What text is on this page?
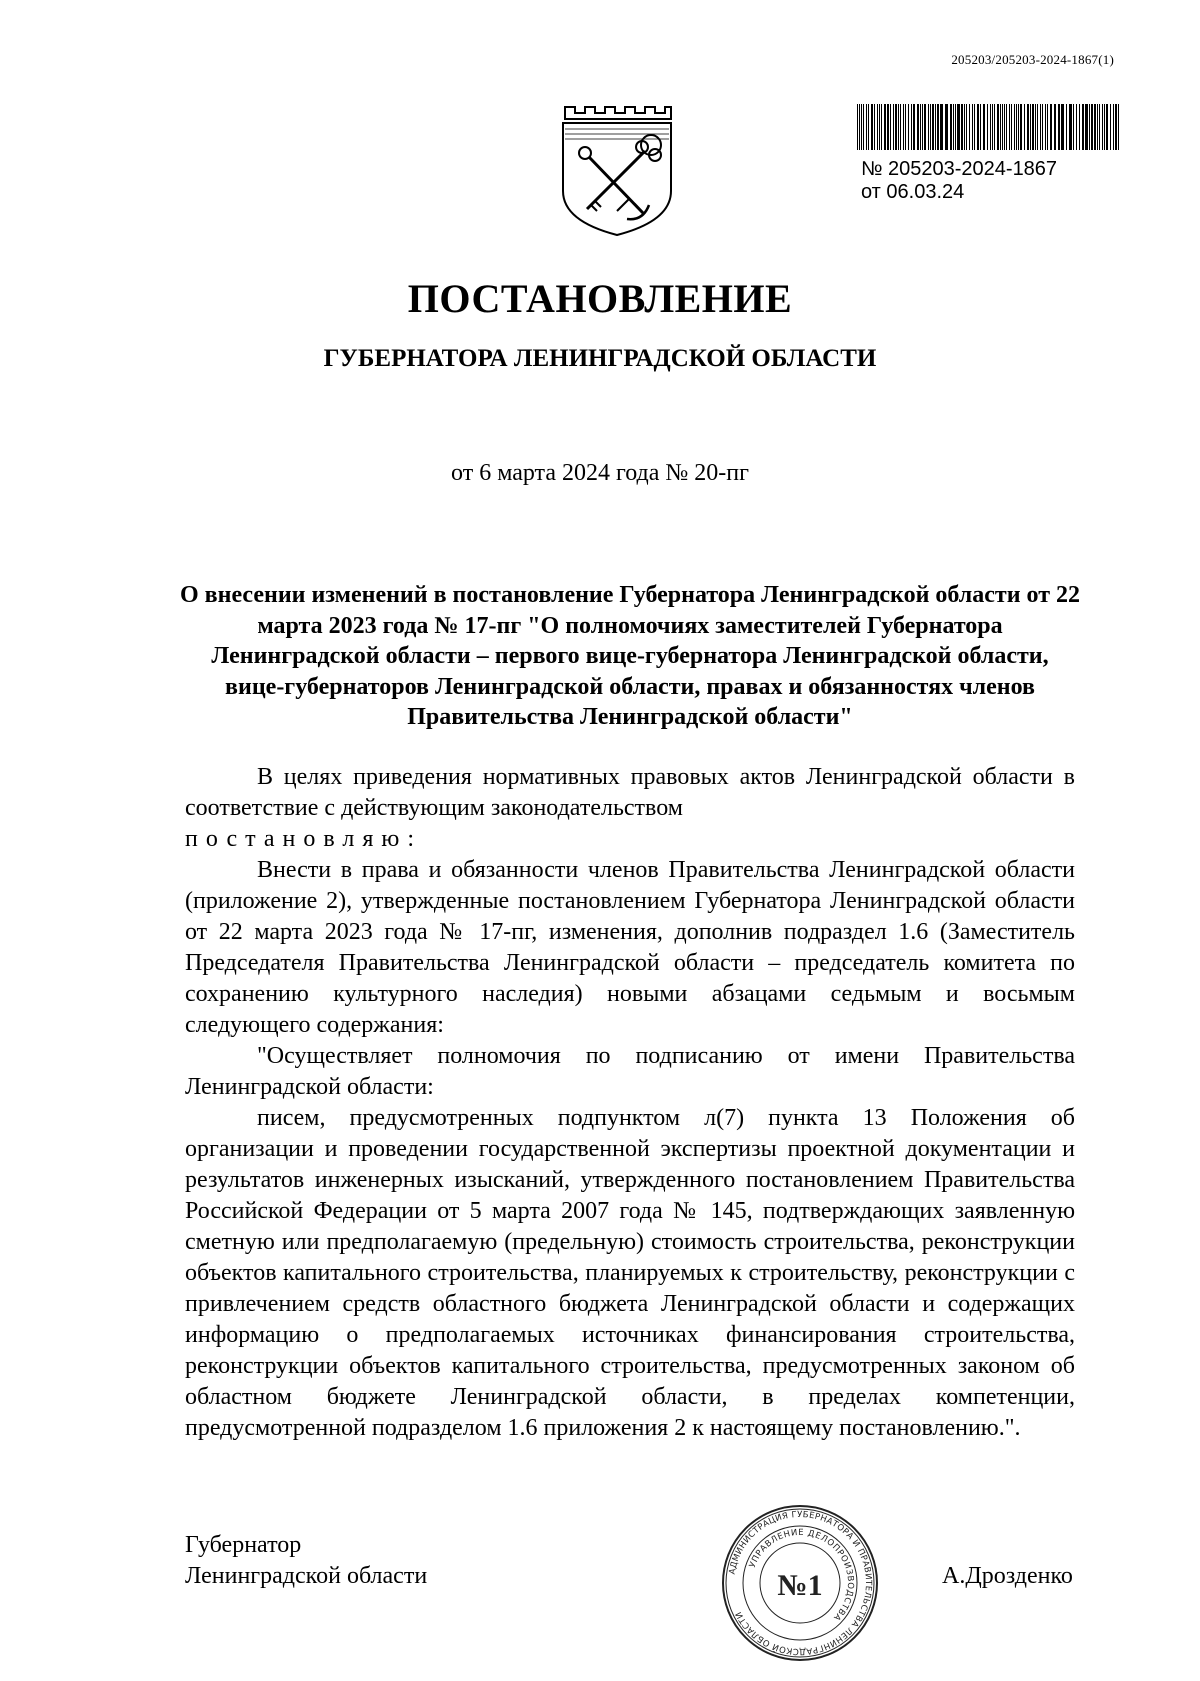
205203/205203-2024-1867(1)
№ 205203-2024-1867
от 06.03.24
ПОСТАНОВЛЕНИЕ
ГУБЕРНАТОРА ЛЕНИНГРАДСКОЙ ОБЛАСТИ
от 6 марта 2024 года № 20-пг
О внесении изменений в постановление Губернатора Ленинградской области от 22 марта 2023 года № 17-пг "О полномочиях заместителей Губернатора Ленинградской области – первого вице-губернатора Ленинградской области, вице-губернаторов Ленинградской области, правах и обязанностях членов Правительства Ленинградской области"

В целях приведения нормативных правовых актов Ленинградской области в соответствие с действующим законодательством

постановляю:

Внести в права и обязанности членов Правительства Ленинградской области (приложение 2), утвержденные постановлением Губернатора Ленинградской области от 22 марта 2023 года № 17-пг, изменения, дополнив подраздел 1.6 (Заместитель Председателя Правительства Ленинградской области – председатель комитета по сохранению культурного наследия) новыми абзацами седьмым и восьмым следующего содержания:

"Осуществляет полномочия по подписанию от имени Правительства Ленинградской области:

писем, предусмотренных подпунктом л(7) пункта 13 Положения об организации и проведении государственной экспертизы проектной документации и результатов инженерных изысканий, утвержденного постановлением Правительства Российской Федерации от 5 марта 2007 года № 145, подтверждающих заявленную сметную или предполагаемую (предельную) стоимость строительства, реконструкции объектов капитального строительства, планируемых к строительству, реконструкции с привлечением средств областного бюджета Ленинградской области и содержащих информацию о предполагаемых источниках финансирования строительства, реконструкции объектов капитального строительства, предусмотренных законом об областном бюджете Ленинградской области, в пределах компетенции, предусмотренной подразделом 1.6 приложения 2 к настоящему постановлению.".

Губернатор
Ленинградской области	АДМИНИСТРАЦИЯ ГУБЕРНАТОРА И ПРАВИТЕЛЬСТВА ЛЕНИНГРАДСКОЙ ОБЛАСТИ
УПРАВЛЕНИЕ ДЕЛОПРОИЗВОДСТВА
№1	А.Дрозденко
